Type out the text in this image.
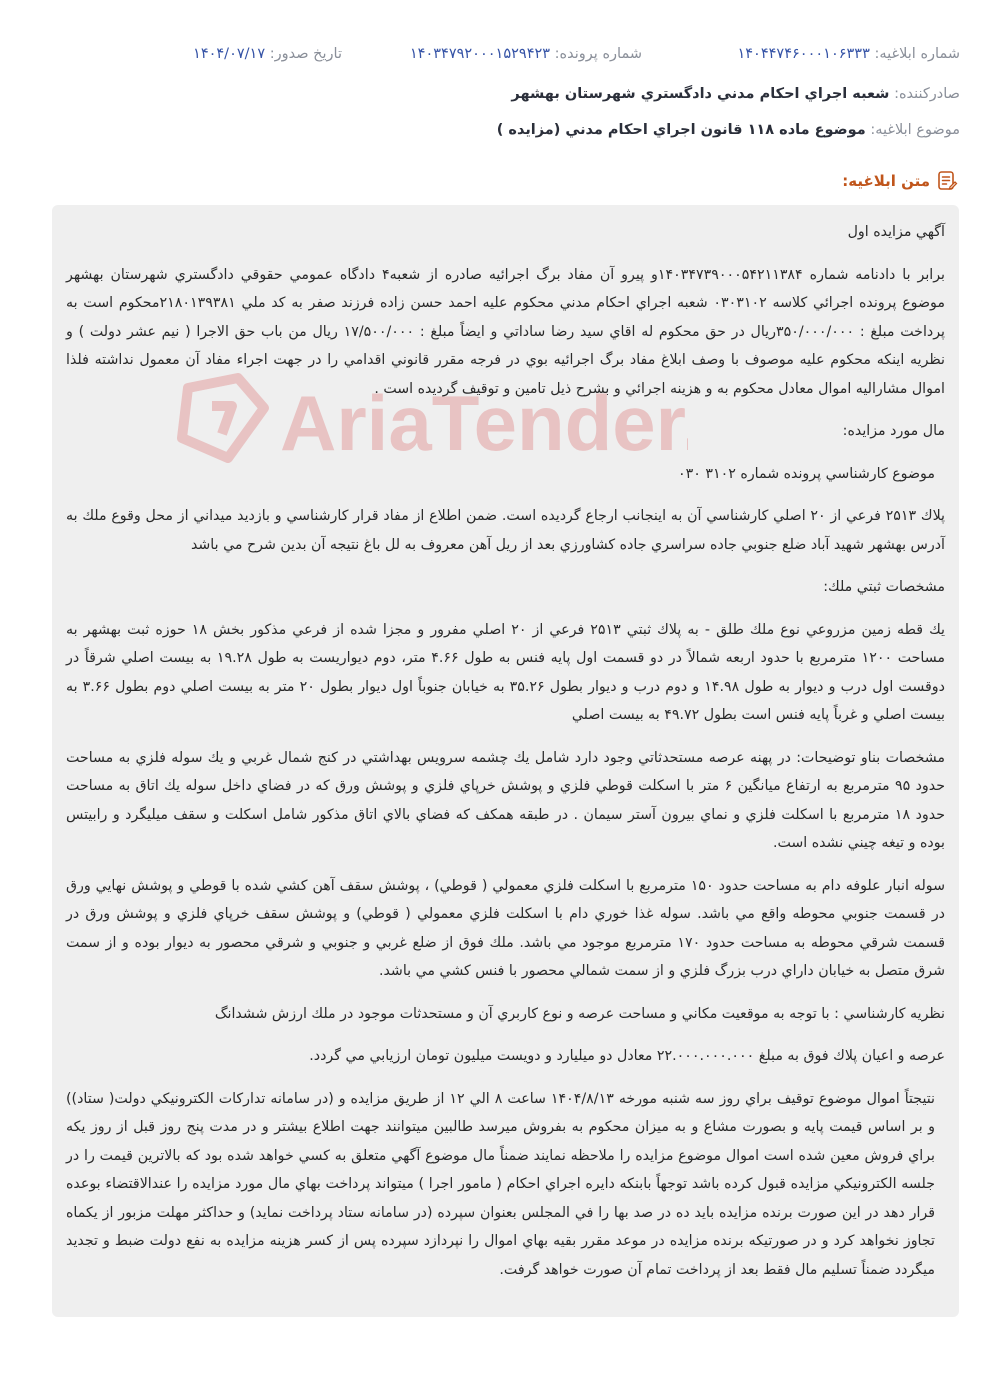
شماره ابلاغيه: ۱۴۰۴۴۷۴۶۰۰۰۱۰۶۳۳۳
شماره پرونده: ۱۴۰۳۴۷۹۲۰۰۰۱۵۲۹۴۲۳
تاريخ صدور: ۱۴۰۴/۰۷/۱۷
صادرکننده: شعبه اجراي احکام مدني دادگستري شهرستان بهشهر
موضوع ابلاغيه: موضوع ماده ۱۱۸ قانون اجراي احکام مدني (مزايده )
متن ابلاغيه:
AriaTender

آگهي مزايده اول

برابر با دادنامه شماره ۱۴۰۳۴۷۳۹۰۰۰۵۴۲۱۱۳۸۴و پيرو آن مفاد برگ اجرائيه صادره از شعبه۴ دادگاه عمومي حقوقي دادگستري شهرستان بهشهر موضوع پرونده اجرائي كلاسه ۰۳۰۳۱۰۲ شعبه اجراي احكام مدني محكوم عليه احمد حسن زاده فرزند صفر به كد ملي ۲۱۸۰۱۳۹۳۸۱محکوم است به پرداخت مبلغ : ۳۵۰/۰۰۰/۰۰۰ريال در حق محكوم له اقاي سيد رضا ساداتي و ايضاً مبلغ : ۱۷/۵۰۰/۰۰۰ ريال من باب حق الاجرا ( نيم عشر دولت ) و نظريه اينكه محكوم عليه موصوف با وصف ابلاغ مفاد برگ اجرائيه بوي در فرجه مقرر قانوني اقدامي را در جهت اجراء مفاد آن معمول نداشته فلذا اموال مشاراليه اموال معادل محكوم به و هزينه اجرائي و بشرح ذيل تامين و توقيف گرديده است .

مال مورد مزايده:

موضوع كارشناسي پرونده شماره ۳۱۰۲ ۰۳۰

پلاك ۲۵۱۳ فرعي از ۲۰ اصلي كارشناسي آن به اينجانب ارجاع گرديده است. ضمن اطلاع از مفاد قرار كارشناسي و بازديد ميداني از محل وقوع ملك به آدرس بهشهر شهيد آباد ضلع جنوبي جاده سراسري جاده كشاورزي بعد از ريل آهن معروف به لل باغ نتيجه آن بدين شرح مي باشد

مشخصات ثبتي ملك:

يك قطه زمين مزروعي نوع ملك طلق - به پلاك ثبتي ۲۵۱۳ فرعي از ۲۰ اصلي مفرور و مجزا شده از فرعي مذكور بخش ۱۸ حوزه ثبت بهشهر به مساحت ۱۲۰۰ مترمربع با حدود اربعه شمالاً در دو قسمت اول پايه فنس به طول ۴.۶۶ متر، دوم ديواريست به طول ۱۹.۲۸ به بيست اصلي شرقاً در دوقست اول درب و ديوار به طول ۱۴.۹۸ و دوم درب و ديوار بطول ۳۵.۲۶ به خيابان جنوباً اول ديوار بطول ۲۰ متر به بيست اصلي دوم بطول ۳.۶۶ به بيست اصلي و غرباً پايه فنس است بطول ۴۹.۷۲ به بيست اصلي

مشخصات بناو توضيحات: در پهنه عرصه مستحدثاتي وجود دارد شامل يك چشمه سرويس بهداشتي در كنج شمال غربي و يك سوله فلزي به مساحت حدود ۹۵ مترمربع به ارتفاع ميانگين ۶ متر با اسكلت قوطي فلزي و پوشش خرپاي فلزي و پوشش ورق كه در فضاي داخل سوله يك اتاق به مساحت حدود ۱۸ مترمربع با اسكلت فلزي و نماي بيرون آستر سيمان . در طبقه همكف كه فضاي بالاي اتاق مذكور شامل اسكلت و سقف ميليگرد و رابيتس بوده و تيغه چيني نشده است.

سوله انبار علوفه دام به مساحت حدود ۱۵۰ مترمربع با اسكلت فلزي معمولي ( قوطي) ، پوشش سقف آهن كشي شده با قوطي و پوشش نهايي ورق در قسمت جنوبي محوطه واقع مي باشد. سوله غذا خوري دام با اسكلت فلزي معمولي ( قوطي) و پوشش سقف خرپاي فلزي و پوشش ورق در قسمت شرقي محوطه به مساحت حدود ۱۷۰ مترمربع موجود مي باشد. ملك فوق از ضلع غربي و جنوبي و شرقي محصور به ديوار بوده و از سمت شرق متصل به خيابان داراي درب بزرگ فلزي و از سمت شمالي محصور با فنس كشي مي باشد.

نظريه كارشناسي : با توجه به موقعيت مكاني و مساحت عرصه و نوع كاربري آن و مستحدثات موجود در ملك ارزش ششدانگ

عرصه و اعيان پلاك فوق به مبلغ ۲۲.۰۰۰.۰۰۰.۰۰۰ معادل دو ميليارد و دويست ميليون تومان ارزيابي مي گردد.

نتيجتاً اموال موضوع توقيف براي روز سه شنبه مورخه ۱۴۰۴/۸/۱۳ ساعت ۸ الي ۱۲ از طريق مزايده و (در سامانه تداركات الكترونيكي دولت( ستاد)) و بر اساس قيمت پايه و بصورت مشاع و به ميزان محكوم به بفروش ميرسد طالبين ميتوانند جهت اطلاع بيشتر و در مدت پنج روز قبل از روز يكه براي فروش معين شده است اموال موضوع مزايده را ملاحظه نمايند ضمناً مال موضوع آگهي متعلق به كسي خواهد شده بود كه بالاترين قيمت را در جلسه الكترونيكي مزايده قبول كرده باشد توجهاً بابنكه دايره اجراي احكام ( مامور اجرا ) ميتواند پرداخت بهاي مال مورد مزايده را عندالاقتضاء بوعده قرار دهد در اين صورت برنده مزايده بايد ده در صد بها را في المجلس بعنوان سپرده (در سامانه ستاد پرداخت نمايد) و حداكثر مهلت مزبور از يكماه تجاوز نخواهد كرد و در صورتيكه برنده مزايده در موعد مقرر بقيه بهاي اموال را نپردازد سپرده پس از كسر هزينه مزايده به نفع دولت ضبط و تجديد ميگردد ضمناً تسليم مال فقط بعد از پرداخت تمام آن صورت خواهد گرفت.
